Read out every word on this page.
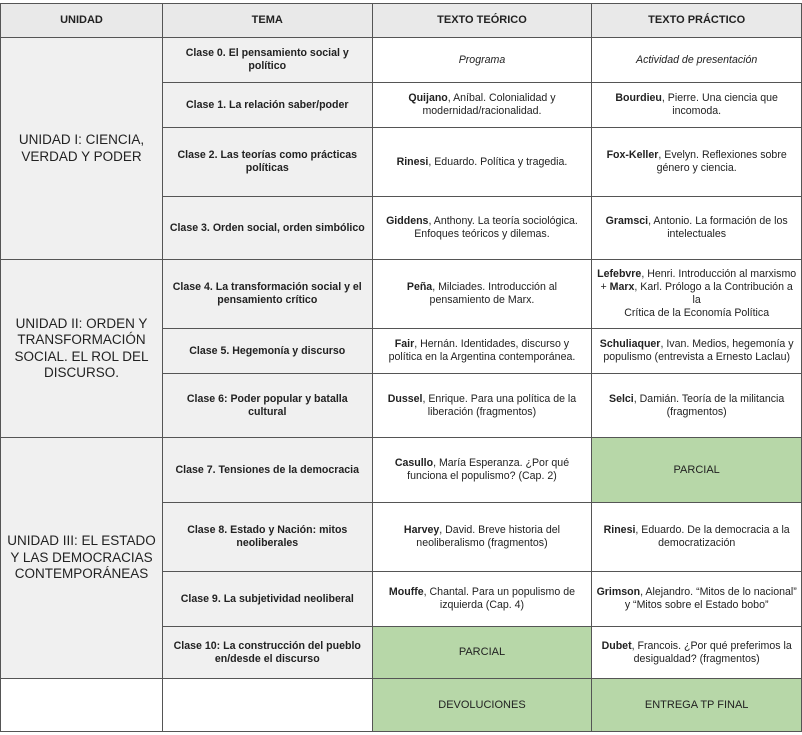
UNIDAD	TEMA	TEXTO TEÓRICO	TEXTO PRÁCTICO
UNIDAD I: CIENCIA, VERDAD Y PODER	Clase 0. El pensamiento social y político	Programa	Actividad de presentación
	Clase 1. La relación saber/poder	Quijano, Aníbal. Colonialidad y modernidad/racionalidad.	Bourdieu, Pierre. Una ciencia que incomoda.
	Clase 2. Las teorías como prácticas políticas	Rinesi, Eduardo. Política y tragedia.	Fox-Keller, Evelyn. Reflexiones sobre género y ciencia.
	Clase 3. Orden social, orden simbólico	Giddens, Anthony. La teoría sociológica. Enfoques teóricos y dilemas.	Gramsci, Antonio. La formación de los intelectuales
UNIDAD II: ORDEN Y TRANSFORMACIÓN SOCIAL. EL ROL DEL DISCURSO.	Clase 4. La transformación social y el pensamiento crítico	Peña, Milciades. Introducción al pensamiento de Marx.	Lefebvre, Henri. Introducción al marxismo + Marx, Karl. Prólogo a la Contribución a la
Crítica de la Economía Política
	Clase 5. Hegemonía y discurso	Fair, Hernán. Identidades, discurso y política en la Argentina contemporánea.	Schuliaquer, Ivan. Medios, hegemonía y populismo (entrevista a Ernesto Laclau)
	Clase 6: Poder popular y batalla cultural	Dussel, Enrique. Para una política de la liberación (fragmentos)	Selci, Damián. Teoría de la militancia (fragmentos)
UNIDAD III: EL ESTADO Y LAS DEMOCRACIAS CONTEMPORÁNEAS	Clase 7. Tensiones de la democracia	Casullo, María Esperanza. ¿Por qué funciona el populismo? (Cap. 2)	PARCIAL
	Clase 8. Estado y Nación: mitos neoliberales	Harvey, David. Breve historia del neoliberalismo (fragmentos)	Rinesi, Eduardo. De la democracia a la democratización
	Clase 9. La subjetividad neoliberal	Mouffe, Chantal. Para un populismo de izquierda (Cap. 4)	Grimson, Alejandro. “Mitos de lo nacional” y “Mitos sobre el Estado bobo”
	Clase 10: La construcción del pueblo en/desde el discurso	PARCIAL	Dubet, Francois. ¿Por qué preferimos la desigualdad? (fragmentos)
		DEVOLUCIONES	ENTREGA TP FINAL
